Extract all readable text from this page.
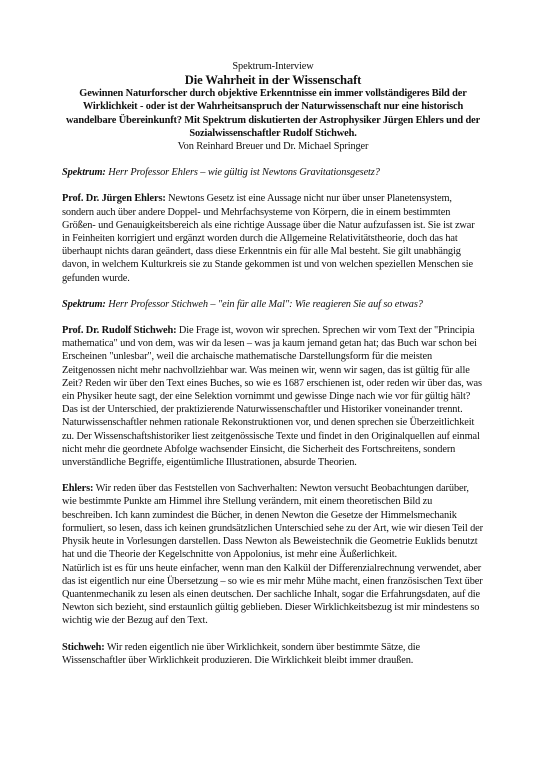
Spektrum-Interview

Die Wahrheit in der Wissenschaft

Gewinnen Naturforscher durch objektive Erkenntnisse ein immer vollständigeres Bild der Wirklichkeit - oder ist der Wahrheitsanspruch der Naturwissenschaft nur eine historisch wandelbare Übereinkunft? Mit Spektrum diskutierten der Astrophysiker Jürgen Ehlers und der Sozialwissenschaftler Rudolf Stichweh.

Von Reinhard Breuer und Dr. Michael Springer

Spektrum: Herr Professor Ehlers – wie gültig ist Newtons Gravitationsgesetz?

Prof. Dr. Jürgen Ehlers: Newtons Gesetz ist eine Aussage nicht nur über unser Planetensystem, sondern auch über andere Doppel- und Mehrfachsysteme von Körpern, die in einem bestimmten Größen- und Genauigkeitsbereich als eine richtige Aussage über die Natur aufzufassen ist. Sie ist zwar in Feinheiten korrigiert und ergänzt worden durch die Allgemeine Relativitätstheorie, doch das hat überhaupt nichts daran geändert, dass diese Erkenntnis ein für alle Mal besteht. Sie gilt unabhängig davon, in welchem Kulturkreis sie zu Stande gekommen ist und von welchen speziellen Menschen sie gefunden wurde.

Spektrum: Herr Professor Stichweh – "ein für alle Mal": Wie reagieren Sie auf so etwas?

Prof. Dr. Rudolf Stichweh: Die Frage ist, wovon wir sprechen. Sprechen wir vom Text der "Principia mathematica" und von dem, was wir da lesen – was ja kaum jemand getan hat; das Buch war schon bei Erscheinen "unlesbar", weil die archaische mathematische Darstellungsform für die meisten Zeitgenossen nicht mehr nachvollziehbar war. Was meinen wir, wenn wir sagen, das ist gültig für alle Zeit? Reden wir über den Text eines Buches, so wie es 1687 erschienen ist, oder reden wir über das, was ein Physiker heute sagt, der eine Selektion vornimmt und gewisse Dinge nach wie vor für gültig hält?

Das ist der Unterschied, der praktizierende Naturwissenschaftler und Historiker voneinander trennt. Naturwissenschaftler nehmen rationale Rekonstruktionen vor, und denen sprechen sie Überzeitlichkeit zu. Der Wissenschaftshistoriker liest zeitgenössische Texte und findet in den Originalquellen auf einmal nicht mehr die geordnete Abfolge wachsender Einsicht, die Sicherheit des Fortschreitens, sondern unverständliche Begriffe, eigentümliche Illustrationen, absurde Theorien.

Ehlers: Wir reden über das Feststellen von Sachverhalten: Newton versucht Beobachtungen darüber, wie bestimmte Punkte am Himmel ihre Stellung verändern, mit einem theoretischen Bild zu beschreiben. Ich kann zumindest die Bücher, in denen Newton die Gesetze der Himmelsmechanik formuliert, so lesen, dass ich keinen grundsätzlichen Unterschied sehe zu der Art, wie wir diesen Teil der Physik heute in Vorlesungen darstellen. Dass Newton als Beweistechnik die Geometrie Euklids benutzt hat und die Theorie der Kegelschnitte von Appolonius, ist mehr eine Äußerlichkeit.

Natürlich ist es für uns heute einfacher, wenn man den Kalkül der Differenzialrechnung verwendet, aber das ist eigentlich nur eine Übersetzung – so wie es mir mehr Mühe macht, einen französischen Text über Quantenmechanik zu lesen als einen deutschen. Der sachliche Inhalt, sogar die Erfahrungsdaten, auf die Newton sich bezieht, sind erstaunlich gültig geblieben. Dieser Wirklichkeitsbezug ist mir mindestens so wichtig wie der Bezug auf den Text.

Stichweh: Wir reden eigentlich nie über Wirklichkeit, sondern über bestimmte Sätze, die Wissenschaftler über Wirklichkeit produzieren. Die Wirklichkeit bleibt immer draußen.
